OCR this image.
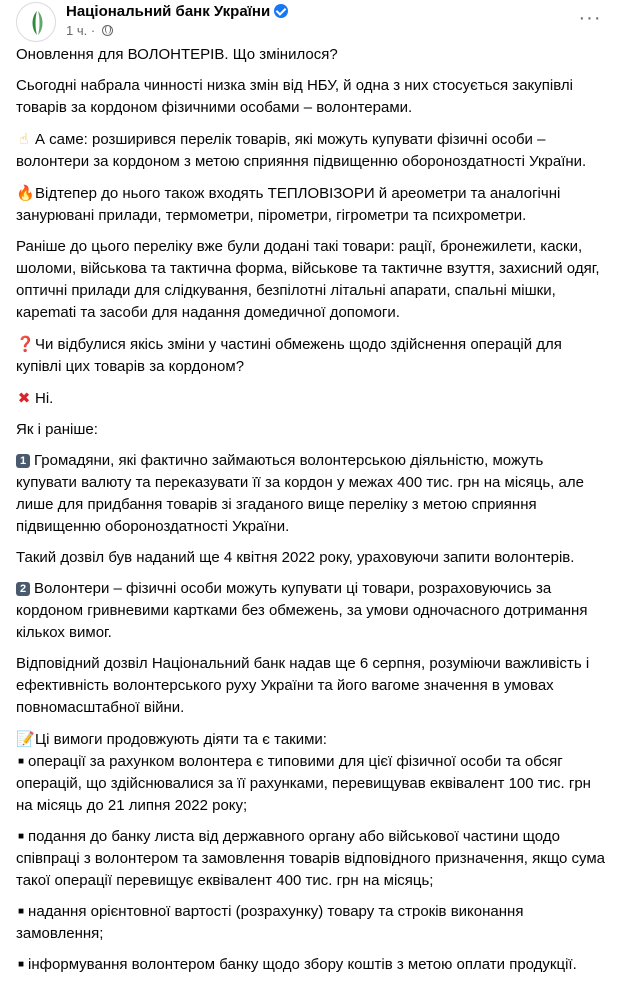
Національний банк України
1 ч. ·
···

Оновлення для ВОЛОНТЕРІВ. Що змінилося?

Сьогодні набрала чинності низка змін від НБУ, й одна з них стосується закупівлі товарів за кордоном фізичними особами – волонтерами.

☝ А саме: розширився перелік товарів, які можуть купувати фізичні особи – волонтери за кордоном з метою сприяння підвищенню обороноздатності України.

🔥Відтепер до нього також входять ТЕПЛОВІЗОРИ й ареометри та аналогічні занурювані прилади, термометри, пірометри, гігрометри та психрометри.

Раніше до цього переліку вже були додані такі товари: рації, бронежилети, каски, шоломи, військова та тактична форма, військове та тактичне взуття, захисний одяг, оптичні прилади для слідкування, безпілотні літальні апарати, спальні мішки, карemati та засоби для надання домедичної допомоги.

❓Чи відбулися якісь зміни у частині обмежень щодо здійснення операцій для купівлі цих товарів за кордоном?

✖ Ні.

Як і раніше:

1 Громадяни, які фактично займаються волонтерською діяльністю, можуть купувати валюту та переказувати її за кордон у межах 400 тис. грн на місяць, але лише для придбання товарів зі згаданого вище переліку з метою сприяння підвищенню обороноздатності України.

Такий дозвіл був наданий ще 4 квітня 2022 року, ураховуючи запити волонтерів.

2 Волонтери – фізичні особи можуть купувати ці товари, розраховуючись за кордоном гривневими картками без обмежень, за умови одночасного дотримання кількох вимог.

Відповідний дозвіл Національний банк надав ще 6 серпня, розуміючи важливість і ефективність волонтерського руху України та його вагоме значення в умовах повномасштабної війни.

📝Ці вимоги продовжують діяти та є такими:

■ операції за рахунком волонтера є типовими для цієї фізичної особи та обсяг операцій, що здійснювалися за її рахунками, перевищував еквівалент 100 тис. грн на місяць до 21 липня 2022 року;

■ подання до банку листа від державного органу або військової частини щодо співпраці з волонтером та замовлення товарів відповідного призначення, якщо сума такої операції перевищує еквівалент 400 тис. грн на місяць;

■ надання орієнтовної вартості (розрахунку) товару та строків виконання замовлення;

■ інформування волонтером банку щодо збору коштів з метою оплати продукції.
